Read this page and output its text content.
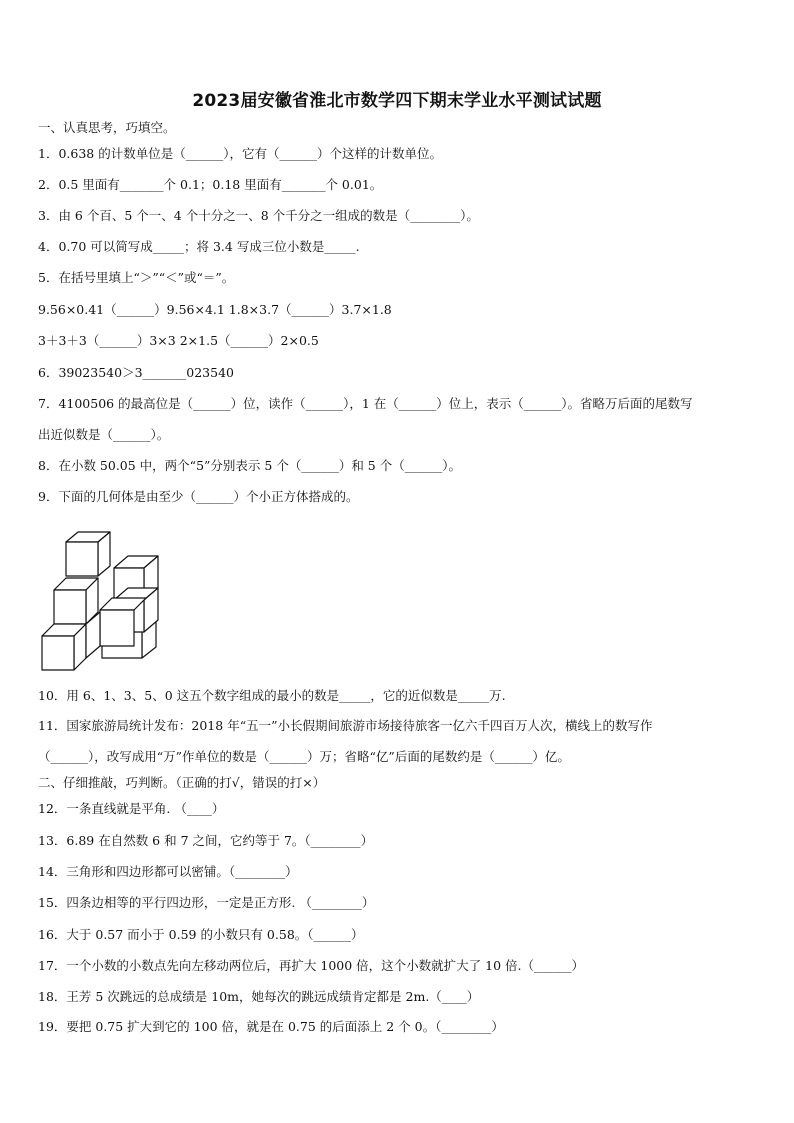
2023届安徽省淮北市数学四下期末学业水平测试试题
一、认真思考，巧填空。
1．0.638 的计数单位是（______），它有（______）个这样的计数单位。
2．0.5 里面有_______个 0.1；0.18 里面有_______个 0.01。
3．由 6 个百、5 个一、4 个十分之一、8 个千分之一组成的数是（________）。
4．0.70 可以简写成_____；将 3.4 写成三位小数是_____.
5．在括号里填上“＞”“＜”或“＝”。
9.56×0.41（______）9.56×4.1 1.8×3.7（______）3.7×1.8
3＋3＋3（______）3×3 2×1.5（______）2×0.5
6．39023540＞3_______023540
7．4100506 的最高位是（______）位，读作（______），1 在（______）位上，表示（______）。省略万后面的尾数写
出近似数是（______）。
8．在小数 50.05 中，两个“5”分别表示 5 个（______）和 5 个（______）。
9．下面的几何体是由至少（______）个小正方体搭成的。
10．用 6、1、3、5、0 这五个数字组成的最小的数是_____，它的近似数是_____万.
11．国家旅游局统计发布：2018 年“五一”小长假期间旅游市场接待旅客一亿六千四百万人次，横线上的数写作
（______），改写成用“万”作单位的数是（______）万；省略“亿”后面的尾数约是（______）亿。
二、仔细推敲，巧判断。（正确的打√，错误的打×）
12．一条直线就是平角. （____）
13．6.89 在自然数 6 和 7 之间，它约等于 7。（________）
14．三角形和四边形都可以密铺。（________）
15．四条边相等的平行四边形，一定是正方形. （________）
16．大于 0.57 而小于 0.59 的小数只有 0.58。（______）
17．一个小数的小数点先向左移动两位后，再扩大 1000 倍，这个小数就扩大了 10 倍.（______）
18．王芳 5 次跳远的总成绩是 10m，她每次的跳远成绩肯定都是 2m.（____）
19．要把 0.75 扩大到它的 100 倍，就是在 0.75 的后面添上 2 个 0。（________）
